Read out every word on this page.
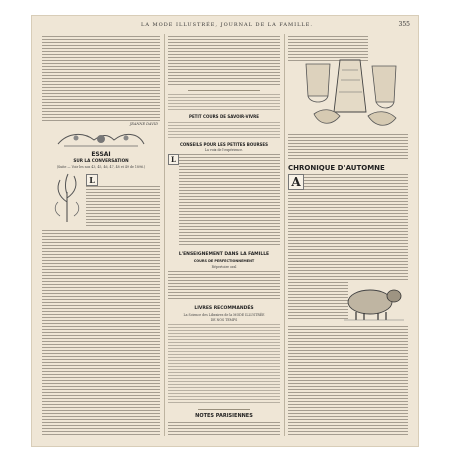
LA MODE ILLUSTRÉE, JOURNAL DE LA FAMILLE.	355
JEANNE DAVID
ESSAI
SUR LA CONVERSATION
(Suite — Voir les nos 43, 45, 46, 47, 48 et 49 de 1896.)
L
PETIT COURS DE SAVOIR-VIVRE
CONSEILS POUR LES PETITES BOURSES
La voix de l'expérience.
L
L'ENSEIGNEMENT DANS LA FAMILLE
COURS DE PERFECTIONNEMENT
Répertoire oral
LIVRES RECOMMANDÉS
La Science des Libraires de la MODE ILLUSTRÉE
DE NOS TEMPS
NOTES PARISIENNES
CHRONIQUE D'AUTOMNE
A
